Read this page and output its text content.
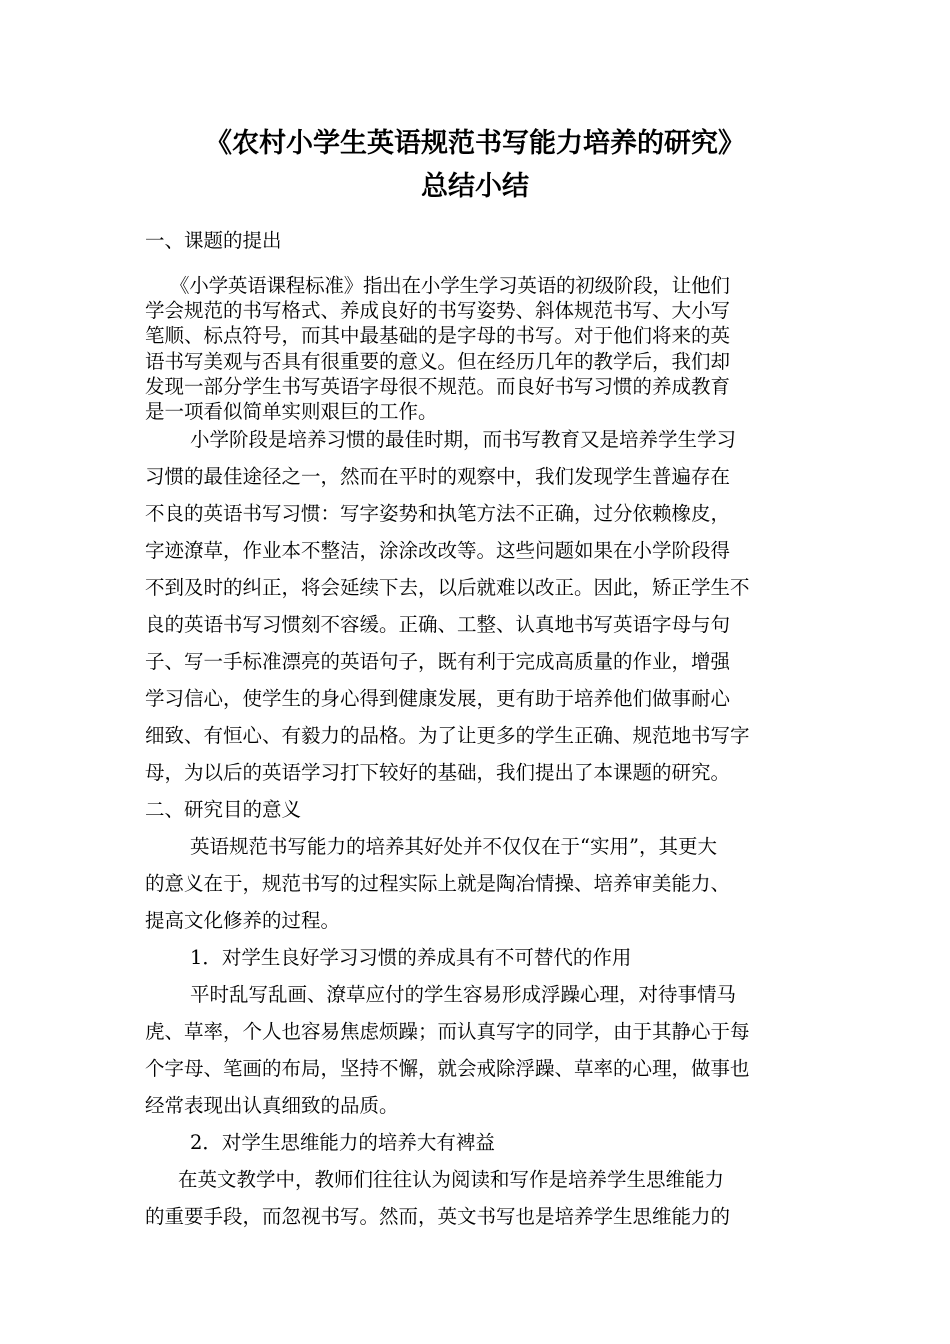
《农村小学生英语规范书写能力培养的研究》
总结小结
一、课题的提出
《小学英语课程标准》指出在小学生学习英语的初级阶段，让他们
学会规范的书写格式、养成良好的书写姿势、斜体规范书写、大小写
笔顺、标点符号，而其中最基础的是字母的书写。对于他们将来的英
语书写美观与否具有很重要的意义。但在经历几年的教学后，我们却
发现一部分学生书写英语字母很不规范。而良好书写习惯的养成教育
是一项看似简单实则艰巨的工作。
小学阶段是培养习惯的最佳时期，而书写教育又是培养学生学习
习惯的最佳途径之一，然而在平时的观察中，我们发现学生普遍存在
不良的英语书写习惯：写字姿势和执笔方法不正确，过分依赖橡皮，
字迹潦草，作业本不整洁，涂涂改改等。这些问题如果在小学阶段得
不到及时的纠正，将会延续下去，以后就难以改正。因此，矫正学生不
良的英语书写习惯刻不容缓。正确、工整、认真地书写英语字母与句
子、写一手标准漂亮的英语句子，既有利于完成高质量的作业，增强
学习信心，使学生的身心得到健康发展，更有助于培养他们做事耐心
细致、有恒心、有毅力的品格。为了让更多的学生正确、规范地书写字
母，为以后的英语学习打下较好的基础，我们提出了本课题的研究。
二、研究目的意义
英语规范书写能力的培养其好处并不仅仅在于“实用”，其更大
的意义在于，规范书写的过程实际上就是陶冶情操、培养审美能力、
提高文化修养的过程。
1．对学生良好学习习惯的养成具有不可替代的作用
平时乱写乱画、潦草应付的学生容易形成浮躁心理，对待事情马
虎、草率，个人也容易焦虑烦躁；而认真写字的同学，由于其静心于每
个字母、笔画的布局，坚持不懈，就会戒除浮躁、草率的心理，做事也
经常表现出认真细致的品质。
2．对学生思维能力的培养大有裨益
在英文教学中，教师们往往认为阅读和写作是培养学生思维能力
的重要手段，而忽视书写。然而，英文书写也是培养学生思维能力的
